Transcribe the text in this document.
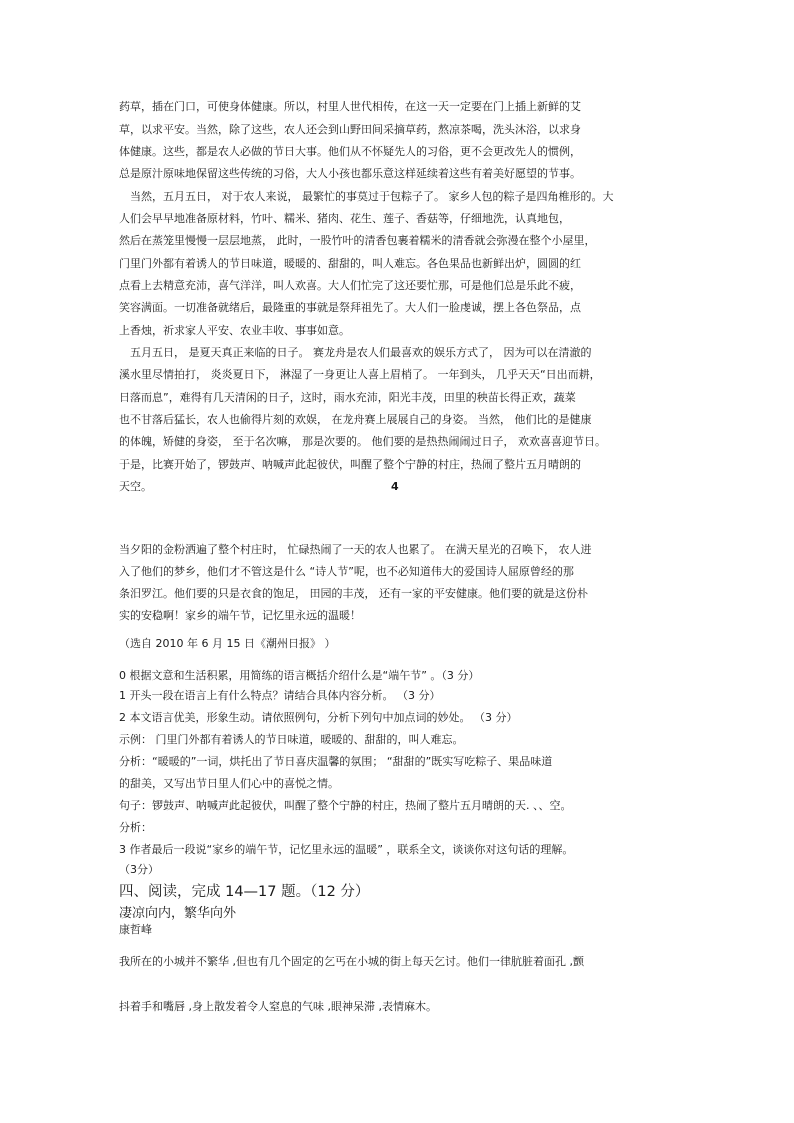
药草，插在门口，可使身体健康。所以，村里人世代相传，在这一天一定要在门上插上新鲜的艾
草，以求平安。当然，除了这些，农人还会到山野田间采摘草药，熬凉茶喝，洗头沐浴，以求身
体健康。这些，都是农人必做的节日大事。他们从不怀疑先人的习俗，更不会更改先人的惯例，
总是原汁原味地保留这些传统的习俗，大人小孩也都乐意这样延续着这些有着美好愿望的节事。
　当然，五月五日， 对于农人来说， 最繁忙的事莫过于包粽子了。 家乡人包的粽子是四角椎形的。大
人们会早早地准备原材料，竹叶、糯米、猪肉、花生、莲子、香菇等，仔细地洗，认真地包，
然后在蒸笼里慢慢一层层地蒸， 此时，一股竹叶的清香包裹着糯米的清香就会弥漫在整个小屋里，
门里门外都有着诱人的节日味道，暖暖的、甜甜的，叫人难忘。各色果品也新鲜出炉，圆圆的红
点看上去精意充沛，喜气洋洋，叫人欢喜。大人们忙完了这还要忙那，可是他们总是乐此不疲，
笑容满面。一切准备就绪后，最隆重的事就是祭拜祖先了。大人们一脸虔诚，摆上各色祭品，点
上香烛，祈求家人平安、农业丰收、事事如意。
　五月五日， 是夏天真正来临的日子。 赛龙舟是农人们最喜欢的娱乐方式了， 因为可以在清澈的
溪水里尽情拍打， 炎炎夏日下， 淋湿了一身更让人喜上眉梢了。 一年到头， 几乎天天“日出而耕，
日落而息”，难得有几天清闲的日子，这时，雨水充沛，阳光丰茂，田里的秧苗长得正欢，蔬菜
也不甘落后猛长，农人也偷得片刻的欢娱， 在龙舟赛上展展自己的身姿。 当然， 他们比的是健康
的体魄，矫健的身姿， 至于名次嘛， 那是次要的。 他们要的是热热闹闹过日子， 欢欢喜喜迎节日。
于是，比赛开始了，锣鼓声、呐喊声此起彼伏，叫醒了整个宁静的村庄，热闹了整片五月晴朗的
天空。	4
当夕阳的金粉洒遍了整个村庄时， 忙碌热闹了一天的农人也累了。 在满天星光的召唤下， 农人进
入了他们的梦乡，他们才不管这是什么 “诗人节”呢，也不必知道伟大的爱国诗人屈原曾经的那
条汨罗江。他们要的只是衣食的饱足， 田园的丰茂， 还有一家的平安健康。他们要的就是这份朴
实的安稳啊！家乡的端午节，记忆里永远的温暖！
（选自 2010 年 6 月 15 日《潮州日报》 ）
0 根据文意和生活积累，用简练的语言概括介绍什么是“端午节” 。（3 分）
1 开头一段在语言上有什么特点？请结合具体内容分析。 （3 分）
2 本文语言优美，形象生动。请依照例句，分析下列句中加点词的妙处。 （3 分）
示例： 门里门外都有着诱人的节日味道，暖暖的、甜甜的，叫人难忘。
分析：“暖暖的”一词，烘托出了节日喜庆温馨的氛围； “甜甜的”既实写吃粽子、果品味道
的甜美，又写出节日里人们心中的喜悦之情。
句子：锣鼓声、呐喊声此起彼伏，叫醒了整个宁静的村庄，热闹了整片五月晴朗的天. 、、空。
分析：
3 作者最后一段说“家乡的端午节，记忆里永远的温暖” ，联系全文，谈谈你对这句话的理解。
（3分）
四、阅读，完成 14—17 题。（12 分）
凄凉向内，繁华向外
康哲峰
我所在的小城并不繁华 ,但也有几个固定的乞丐在小城的街上每天乞讨。他们一律肮脏着面孔 ,颤
抖着手和嘴唇 ,身上散发着令人窒息的气味 ,眼神呆滞 ,表情麻木。
